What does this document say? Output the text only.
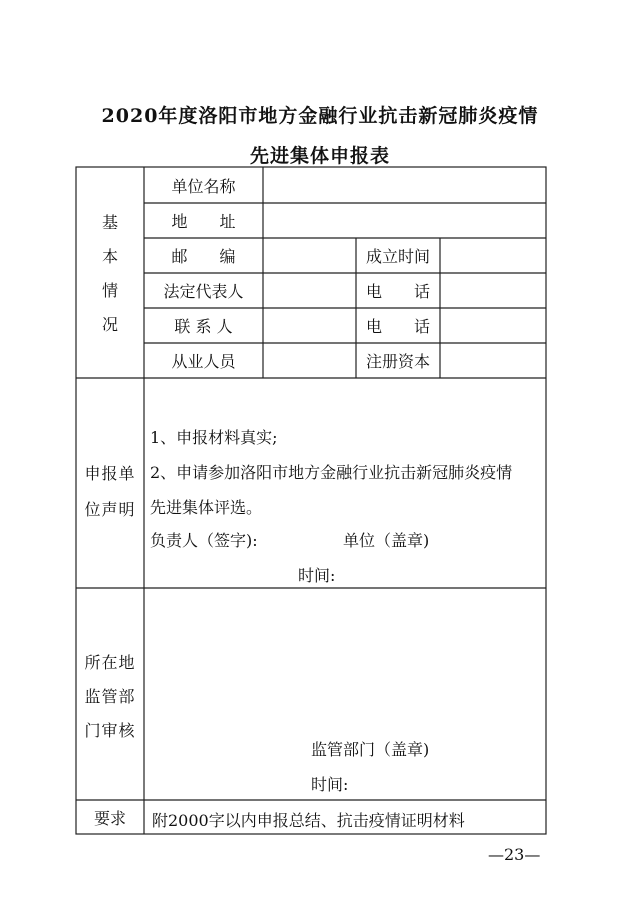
2020年度洛阳市地方金融行业抗击新冠肺炎疫情
先进集体申报表
基
本
情
况
单位名称
地　　址
邮　　编	成立时间
法定代表人	电　　话
联 系 人	电　　话
从业人员	注册资本
申报单
位声明
1、申报材料真实;
2、申请参加洛阳市地方金融行业抗击新冠肺炎疫情
先进集体评选。
负责人（签字):	单位（盖章)
时间:
所在地
监管部
门审核
监管部门（盖章)
时间:
要求	附2000字以内申报总结、抗击疫情证明材料
—23—
